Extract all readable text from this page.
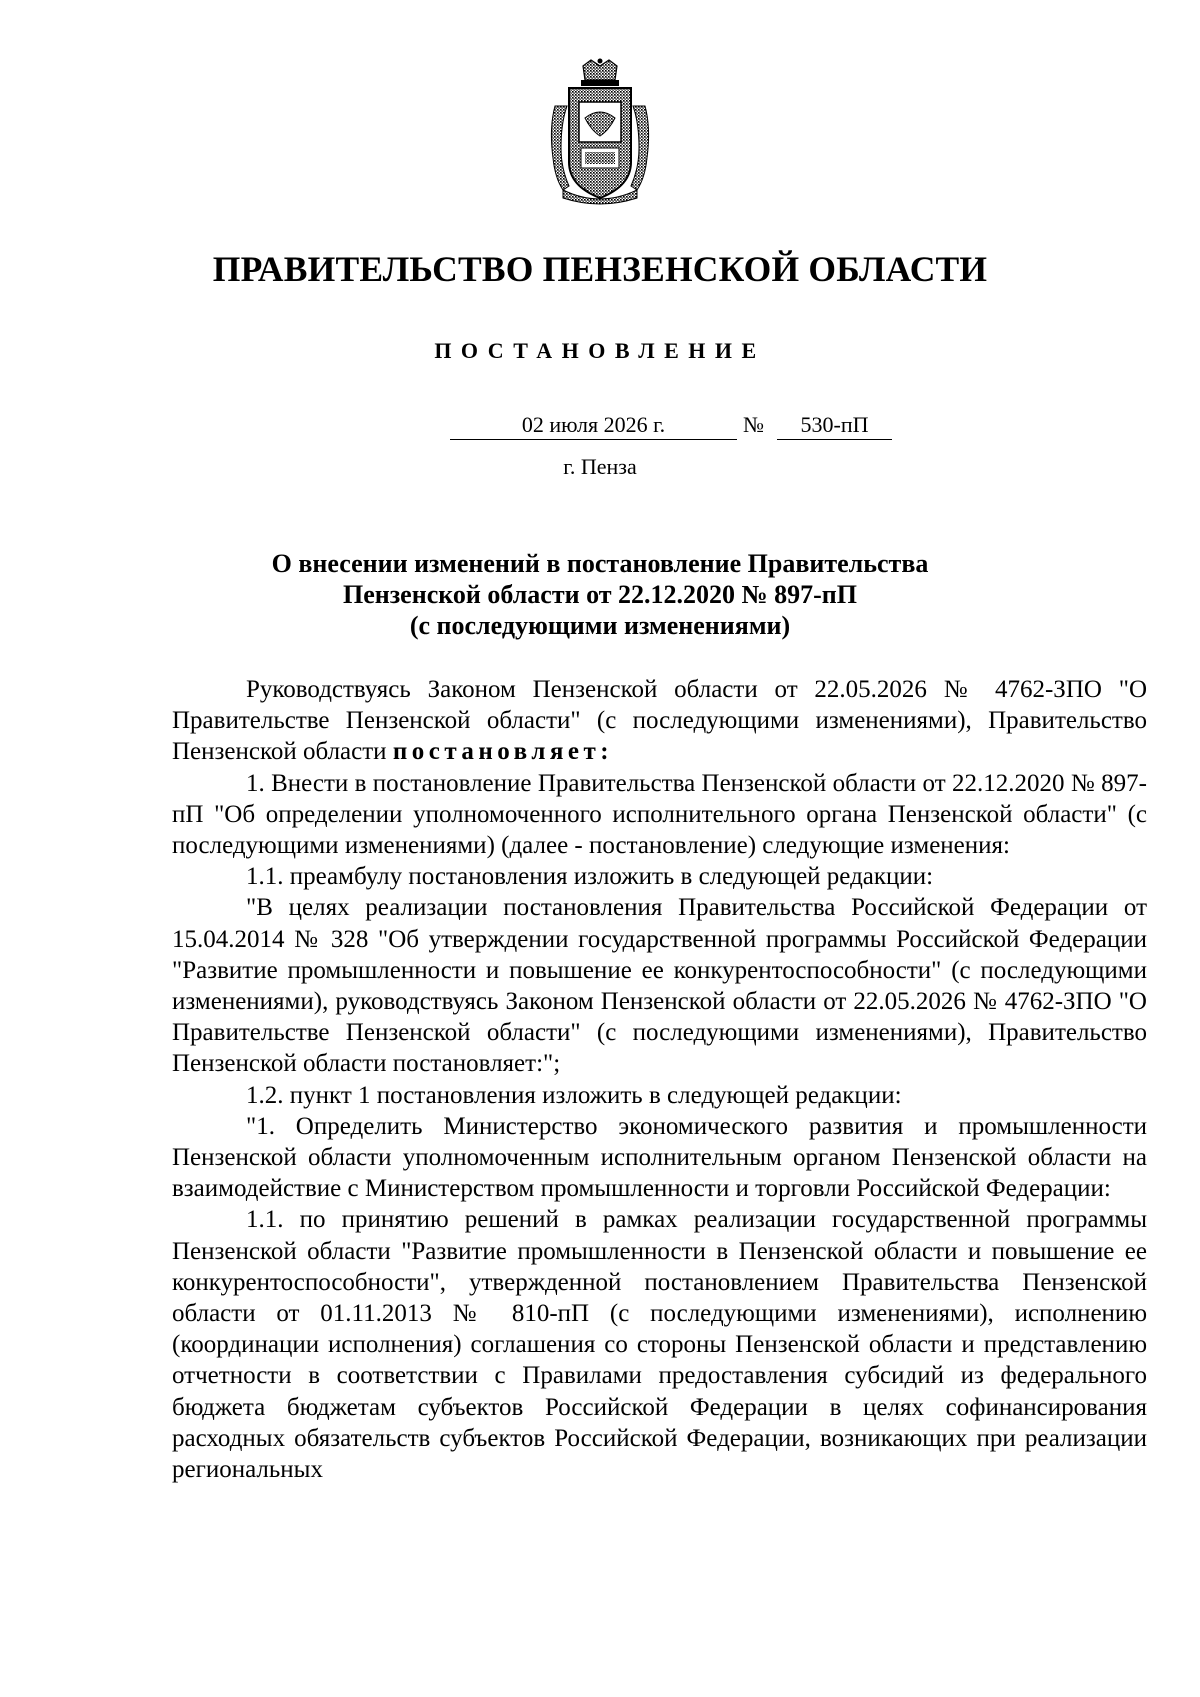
ПРАВИТЕЛЬСТВО ПЕНЗЕНСКОЙ ОБЛАСТИ
ПОСТАНОВЛЕНИЕ
02 июля 2026 г.	№	530-пП
г. Пенза
О внесении изменений в постановление Правительства
Пензенской области от 22.12.2020 № 897-пП
(с последующими изменениями)

Руководствуясь Законом Пензенской области от 22.05.2026 № 4762-ЗПО "О Правительстве Пензенской области" (с последующими изменениями), Правительство Пензенской области постановляет:

1. Внести в постановление Правительства Пензенской области от 22.12.2020 № 897-пП "Об определении уполномоченного исполнительного органа Пензенской области" (с последующими изменениями) (далее - постановление) следующие изменения:

1.1. преамбулу постановления изложить в следующей редакции:

"В целях реализации постановления Правительства Российской Федерации от 15.04.2014 № 328 "Об утверждении государственной программы Российской Федерации "Развитие промышленности и повышение ее конкурентоспособности" (с последующими изменениями), руководствуясь Законом Пензенской области от 22.05.2026 № 4762-ЗПО "О Правительстве Пензенской области" (с последующими изменениями), Правительство Пензенской области постановляет:";

1.2. пункт 1 постановления изложить в следующей редакции:

"1. Определить Министерство экономического развития и промышленности Пензенской области уполномоченным исполнительным органом Пензенской области на взаимодействие с Министерством промышленности и торговли Российской Федерации:

1.1. по принятию решений в рамках реализации государственной программы Пензенской области "Развитие промышленности в Пензенской области и повышение ее конкурентоспособности", утвержденной постановлением Правительства Пензенской области от 01.11.2013 № 810-пП (с последующими изменениями), исполнению (координации исполнения) соглашения со стороны Пензенской области и представлению отчетности в соответствии с Правилами предоставления субсидий из федерального бюджета бюджетам субъектов Российской Федерации в целях софинансирования расходных обязательств субъектов Российской Федерации, возникающих при реализации региональных
